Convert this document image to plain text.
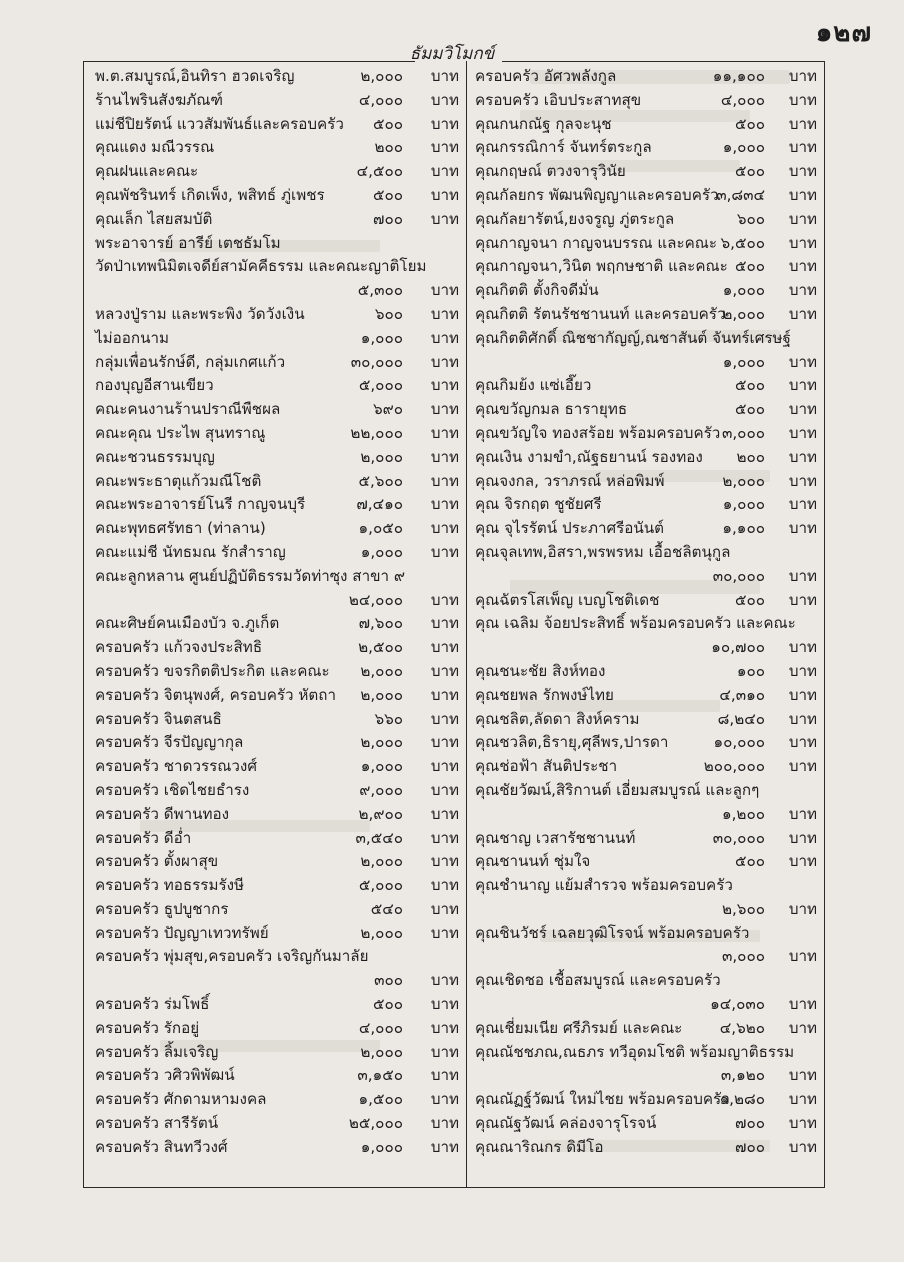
๑๒๗
ธัมมวิโมกข์
พ.ต.สมบูรณ์,อินทิรา ฮวดเจริญ	๒,๐๐๐ บาท
ร้านไพรินสังฆภัณฑ์	๔,๐๐๐ บาท
แม่ชีปิยรัตน์ แววสัมพันธ์และครอบครัว ๕๐๐ บาท
คุณแดง มณีวรรณ	๒๐๐ บาท
คุณฝนและคณะ	๔,๕๐๐ บาท
คุณพัชรินทร์ เกิดเพ็ง, พสิทธ์ ภู่เพชร	๕๐๐ บาท
คุณเล็ก ไสยสมบัติ	๗๐๐ บาท
พระอาจารย์ อารีย์ เตชธัมโม
วัดป่าเทพนิมิตเจดีย์สามัคคีธรรม และคณะญาติโยม
๕,๓๐๐ บาท
หลวงปู่ราม และพระพิง วัดวังเงิน	๖๐๐ บาท
ไม่ออกนาม	๑,๐๐๐ บาท
กลุ่มเพื่อนรักษ์ดี, กลุ่มเกศแก้ว	๓๐,๐๐๐ บาท
กองบุญอีสานเขียว	๕,๐๐๐ บาท
คณะคนงานร้านปราณีพืชผล	๖๙๐ บาท
คณะคุณ ประไพ สุนทราณู	๒๒,๐๐๐ บาท
คณะชวนธรรมบุญ	๒,๐๐๐ บาท
คณะพระธาตุแก้วมณีโชติ	๕,๖๐๐ บาท
คณะพระอาจารย์โนรี กาญจนบุรี	๗,๔๑๐ บาท
คณะพุทธศรัทธา (ท่าลาน)	๑,๐๕๐ บาท
คณะแม่ชี นัทธมณ รักสำราญ	๑,๐๐๐ บาท
คณะลูกหลาน ศูนย์ปฏิบัติธรรมวัดท่าซุง สาขา ๙
๒๔,๐๐๐ บาท
คณะศิษย์คนเมืองบัว จ.ภูเก็ต	๗,๖๐๐ บาท
ครอบครัว แก้วจงประสิทธิ	๒,๕๐๐ บาท
ครอบครัว ขจรกิตติประกิต และคณะ ๒,๐๐๐ บาท
ครอบครัว จิตนุพงศ์, ครอบครัว หัตถา ๒,๐๐๐ บาท
ครอบครัว จินตสนธิ	๖๖๐ บาท
ครอบครัว จีรปัญญากุล	๒,๐๐๐ บาท
ครอบครัว ชาดวรรณวงศ์	๑,๐๐๐ บาท
ครอบครัว เชิดไชยธำรง	๙,๐๐๐ บาท
ครอบครัว ดีพานทอง	๒,๙๐๐ บาท
ครอบครัว ดีอ่ำ	๓,๕๔๐ บาท
ครอบครัว ตั้งผาสุข	๒,๐๐๐ บาท
ครอบครัว ทอธรรมรังษี	๕,๐๐๐ บาท
ครอบครัว ธูปบูชากร	๕๔๐ บาท
ครอบครัว ปัญญาเทวทรัพย์	๒,๐๐๐ บาท
ครอบครัว พุ่มสุข,ครอบครัว เจริญกันมาลัย
๓๐๐ บาท
ครอบครัว ร่มโพธิ์	๕๐๐ บาท
ครอบครัว รักอยู่	๔,๐๐๐ บาท
ครอบครัว ลิ้มเจริญ	๒,๐๐๐ บาท
ครอบครัว วศิวพิพัฒน์	๓,๑๕๐ บาท
ครอบครัว ศักดามหามงคล	๑,๕๐๐ บาท
ครอบครัว สารีรัตน์	๒๕,๐๐๐ บาท
ครอบครัว สินทวีวงศ์	๑,๐๐๐ บาท
ครอบครัว อัศวพลังกูล	๑๑,๑๐๐ บาท
ครอบครัว เอิบประสาทสุข	๔,๐๐๐ บาท
คุณกนกณัฐ กุลจะนุช	๕๐๐ บาท
คุณกรรณิการ์ จันทร์ตระกูล	๑,๐๐๐ บาท
คุณกฤษณ์ ตวงจารุวินัย	๕๐๐ บาท
คุณกัลยกร พัฒนพิญญาและครอบครัว
๓,๘๓๔ บาท
คุณกัลยารัตน์,ยงจรูญ ภู่ตระกูล	๖๐๐ บาท
คุณกาญจนา กาญจนบรรณ และคณะ ๖,๕๐๐ บาท
คุณกาญจนา,วินิต พฤกษชาติ และคณะ ๕๐๐ บาท
คุณกิตติ ตั้งกิจดีมั่น	๑,๐๐๐ บาท
คุณกิตติ รัตนรัชชานนท์ และครอบครัว
๒,๐๐๐ บาท
คุณกิตติศักดิ์ ณิชชากัญญ์,ณชาสันต์ จันทร์เศรษฐ์
๑,๐๐๐ บาท
คุณกิมย้ง แซ่เอี๊ยว	๕๐๐ บาท
คุณขวัญกมล ธารายุทธ	๕๐๐ บาท
คุณขวัญใจ ทองสร้อย พร้อมครอบครัว ๓,๐๐๐ บาท
คุณเงิน งามขำ,ณัฐธยานน์ รองทอง ๒๐๐ บาท
คุณจงกล, วราภรณ์ หล่อพิมพ์	๒,๐๐๐ บาท
คุณ จิรกฤต ชูชัยศรี	๑,๐๐๐ บาท
คุณ จุไรรัตน์ ประภาศรีอนันต์	๑,๑๐๐ บาท
คุณจุลเทพ,อิสรา,พรพรหม เอื้อชลิตนุกูล
๓๐,๐๐๐ บาท
คุณฉัตรโสเพ็ญ เบญโชติเดช	๕๐๐ บาท
คุณ เฉลิม จ้อยประสิทธิ์ พร้อมครอบครัว และคณะ
๑๐,๗๐๐ บาท
คุณชนะชัย สิงห์ทอง	๑๐๐ บาท
คุณชยพล รักพงษ์ไทย	๔,๓๑๐ บาท
คุณชลิต,ลัดดา สิงห์คราม	๘,๒๔๐ บาท
คุณชวลิต,ธิรายุ,ศุลีพร,ปารดา	๑๐,๐๐๐ บาท
คุณช่อฟ้า สันติประชา	๒๐๐,๐๐๐ บาท
คุณชัยวัฒน์,สิริกานต์ เอี่ยมสมบูรณ์ และลูกๆ
๑,๒๐๐ บาท
คุณชาญ เวสารัชชานนท์	๓๐,๐๐๐ บาท
คุณชานนท์ ชุ่มใจ	๕๐๐ บาท
คุณชำนาญ แย้มสำรวจ พร้อมครอบครัว
๒,๖๐๐ บาท
คุณชินวัชร์ เฉลยวุฒิโรจน์ พร้อมครอบครัว
๓,๐๐๐ บาท
คุณเชิดชอ เชื้อสมบูรณ์ และครอบครัว
๑๔,๐๓๐ บาท
คุณเชี่ยมเนีย ศรีภิรมย์ และคณะ ๔,๖๒๐ บาท
คุณณัชชภณ,ณธภร ทวีอุดมโชติ พร้อมญาติธรรม
๓,๑๒๐ บาท
คุณณัฏฐ์วัฒน์ ใหม่ไชย พร้อมครอบครัว
๑,๒๘๐ บาท
คุณณัฐวัฒน์ คล่องจารุโรจน์	๗๐๐ บาท
คุณณาริณกร ดิมีโอ	๗๐๐ บาท
